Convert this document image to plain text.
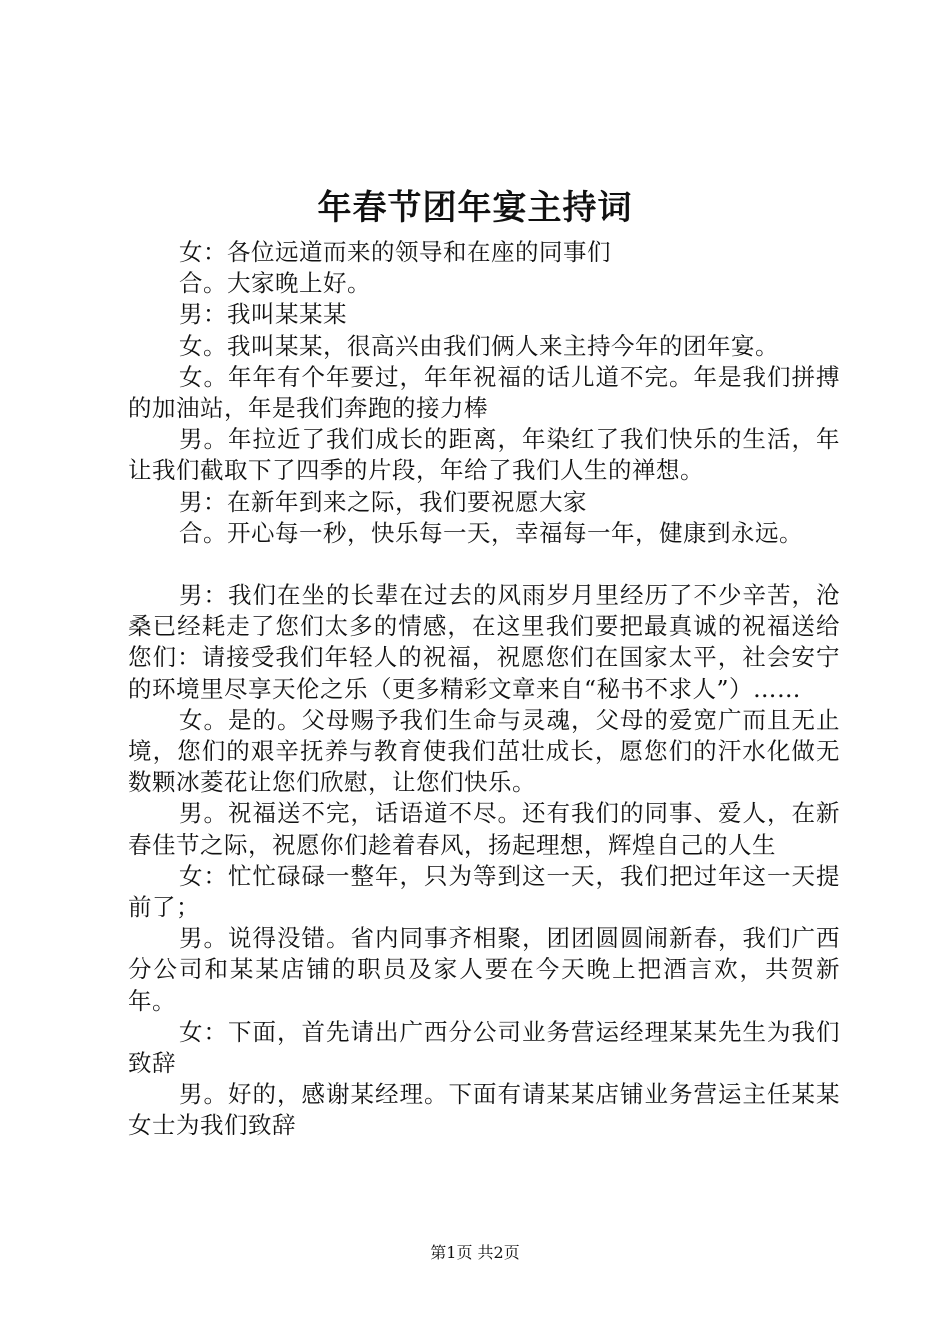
年春节团年宴主持词

女：各位远道而来的领导和在座的同事们

合。大家晚上好。

男：我叫某某某

女。我叫某某，很高兴由我们俩人来主持今年的团年宴。

女。年年有个年要过，年年祝福的话儿道不完。年是我们拼搏的加油站，年是我们奔跑的接力棒

男。年拉近了我们成长的距离，年染红了我们快乐的生活，年让我们截取下了四季的片段，年给了我们人生的禅想。

男：在新年到来之际，我们要祝愿大家

合。开心每一秒，快乐每一天，幸福每一年，健康到永远。

男：我们在坐的长辈在过去的风雨岁月里经历了不少辛苦，沧桑已经耗走了您们太多的情感，在这里我们要把最真诚的祝福送给您们：请接受我们年轻人的祝福，祝愿您们在国家太平，社会安宁的环境里尽享天伦之乐（更多精彩文章来自“秘书不求人”）……

女。是的。父母赐予我们生命与灵魂，父母的爱宽广而且无止境，您们的艰辛抚养与教育使我们茁壮成长，愿您们的汗水化做无数颗冰菱花让您们欣慰，让您们快乐。

男。祝福送不完，话语道不尽。还有我们的同事、爱人，在新春佳节之际，祝愿你们趁着春风，扬起理想，辉煌自己的人生

女：忙忙碌碌一整年，只为等到这一天，我们把过年这一天提前了；

男。说得没错。省内同事齐相聚，团团圆圆闹新春，我们广西分公司和某某店铺的职员及家人要在今天晚上把酒言欢，共贺新年。

女：下面，首先请出广西分公司业务营运经理某某先生为我们致辞

男。好的，感谢某经理。下面有请某某店铺业务营运主任某某女士为我们致辞

第1页 共2页
